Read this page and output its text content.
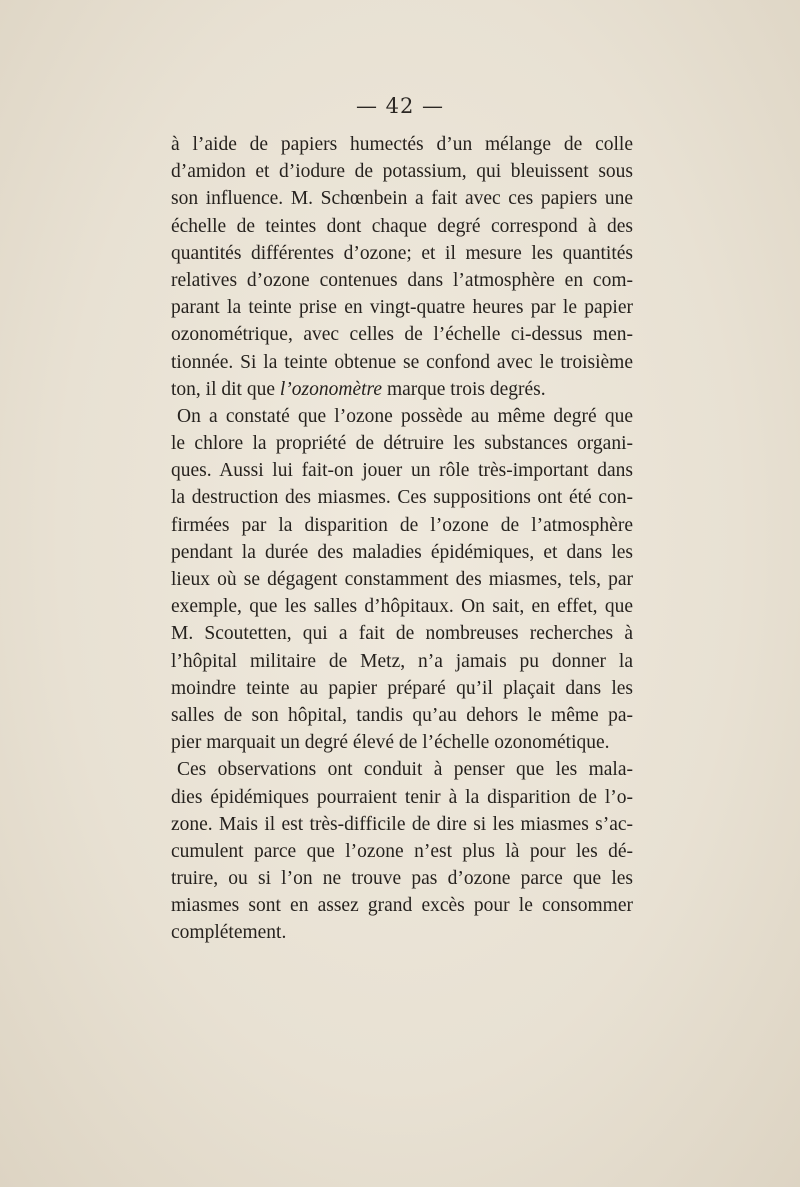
— 42 —
à l’aide de papiers humectés d’un mélange de colle
d’amidon et d’iodure de potassium, qui bleuissent sous
son influence. M. Schœnbein a fait avec ces papiers une
échelle de teintes dont chaque degré correspond à des
quantités différentes d’ozone; et il mesure les quantités
relatives d’ozone contenues dans l’atmosphère en com-
parant la teinte prise en vingt-quatre heures par le papier
ozonométrique, avec celles de l’échelle ci-dessus men-
tionnée. Si la teinte obtenue se confond avec le troisième
ton, il dit que l’ozonomètre marque trois degrés.
On a constaté que l’ozone possède au même degré que
le chlore la propriété de détruire les substances organi-
ques. Aussi lui fait-on jouer un rôle très-important dans
la destruction des miasmes. Ces suppositions ont été con-
firmées par la disparition de l’ozone de l’atmosphère
pendant la durée des maladies épidémiques, et dans les
lieux où se dégagent constamment des miasmes, tels, par
exemple, que les salles d’hôpitaux. On sait, en effet, que
M. Scoutetten, qui a fait de nombreuses recherches à
l’hôpital militaire de Metz, n’a jamais pu donner la
moindre teinte au papier préparé qu’il plaçait dans les
salles de son hôpital, tandis qu’au dehors le même pa-
pier marquait un degré élevé de l’échelle ozonométique.
Ces observations ont conduit à penser que les mala-
dies épidémiques pourraient tenir à la disparition de l’o-
zone. Mais il est très-difficile de dire si les miasmes s’ac-
cumulent parce que l’ozone n’est plus là pour les dé-
truire, ou si l’on ne trouve pas d’ozone parce que les
miasmes sont en assez grand excès pour le consommer
complétement.
